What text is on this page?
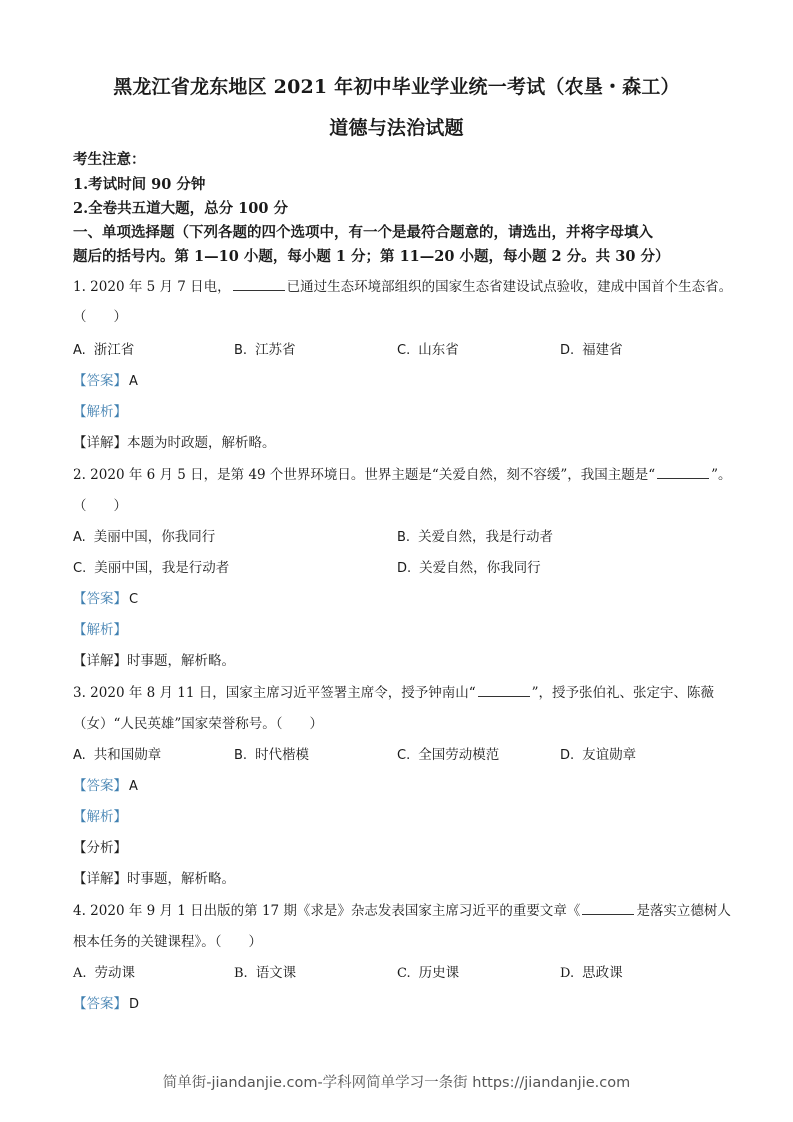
黑龙江省龙东地区 2021 年初中毕业学业统一考试（农垦・森工）
道德与法治试题
考生注意：
1.考试时间 90 分钟
2.全卷共五道大题，总分 100 分
一、单项选择题（下列各题的四个选项中，有一个是最符合题意的，请选出，并将字母填入
题后的括号内。第 1—10 小题，每小题 1 分；第 11—20 小题，每小题 2 分。共 30 分）
1. 2020 年 5 月 7 日电，	已通过生态环境部组织的国家生态省建设试点验收，建成中国首个生态省。
（　　）
A. 浙江省	B. 江苏省	C. 山东省	D. 福建省
【答案】 A
【解析】
【详解】本题为时政题，解析略。
2. 2020 年 6 月 5 日，是第 49 个世界环境日。世界主题是“关爱自然，刻不容缓”，我国主题是“	”。
（　　）
A. 美丽中国，你我同行	B. 关爱自然，我是行动者
C. 美丽中国，我是行动者	D. 关爱自然，你我同行
【答案】 C
【解析】
【详解】时事题，解析略。
3. 2020 年 8 月 11 日，国家主席习近平签署主席令，授予钟南山“	”，授予张伯礼、张定宇、陈薇
（女）“人民英雄”国家荣誉称号。（　　）
A. 共和国勋章	B. 时代楷模	C. 全国劳动模范	D. 友谊勋章
【答案】 A
【解析】
【分析】
【详解】时事题，解析略。
4. 2020 年 9 月 1 日出版的第 17 期《求是》杂志发表国家主席习近平的重要文章《	是落实立德树人
根本任务的关键课程》。（　　）
A. 劳动课	B. 语文课	C. 历史课	D. 思政课
【答案】 D
简单街-jiandanjie.com-学科网简单学习一条街 https://jiandanjie.com
